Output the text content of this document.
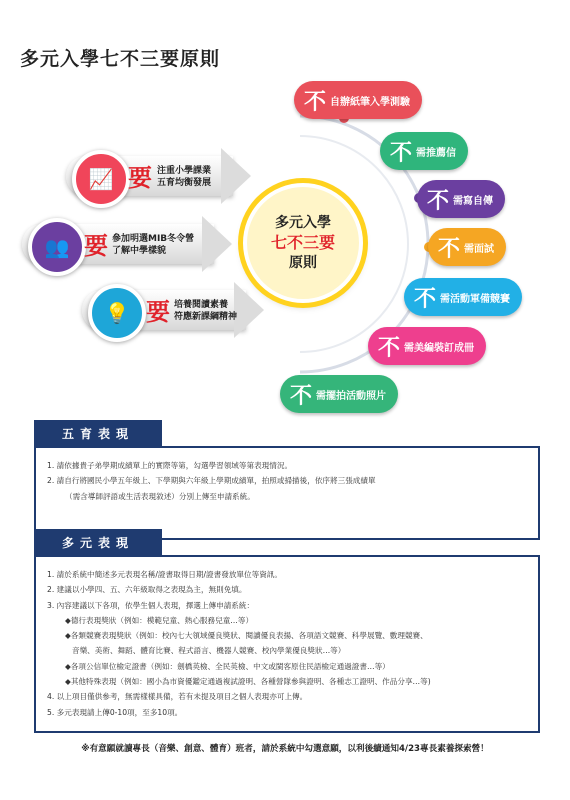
多元入學七不三要原則
📈 要 注重小學課業
五育均衡發展
👥 要 參加明選MIB冬令營
了解中學樣貌
💡 要 培養閱讀素養
符應新課綱精神
多元入學
七不三要
原則
不 自辦紙筆入學測驗
不 需推薦信
不 需寫自傳
不 需面試
不 需活動軍備競賽
不 需美編裝訂成冊
不 需擺拍活動照片
五育表現
1. 請依據貴子弟學期成績單上的實際等第，勾選學習領域等第表現情況。
2. 請自行將國民小學五年級上、下學期與六年級上學期成績單，拍照或掃描後，依序將三張成績單
（需含導師評語或生活表現敘述）分別上傳至申請系統。
多元表現
1. 請於系統中簡述多元表現名稱/證書取得日期/證書發放單位等資訊。
2. 建議以小學四、五、六年級取得之表現為主，無則免填。
3. 內容建議以下各項，依學生個人表現，擇選上傳申請系統：
◆德行表現獎狀（例如：模範兒童、熱心服務兒童…等）
◆各類競賽表現獎狀（例如：校內七大領域優良獎狀、閱讀優良表揚、各項語文競賽、科學展覽、數理競賽、
音樂、美術、舞蹈、體育比賽、程式語言、機器人競賽、校內學業優良獎狀…等）
◆各項公信單位檢定證書（例如：劍橋英檢、全民英檢、中文或閩客原住民語檢定通過證書…等）
◆其他特殊表現（例如：國小為市資優鑑定通過複試證明、各種營隊參與證明、各種志工證明、作品分享…等)
4. 以上項目僅供參考，無需樣樣具備，若有未提及項目之個人表現亦可上傳。
5. 多元表現請上傳0-10項，至多10項。
※有意願就讀專長（音樂、創意、體育）班者，請於系統中勾選意願，以利後續通知4/23專長素養探索營！
